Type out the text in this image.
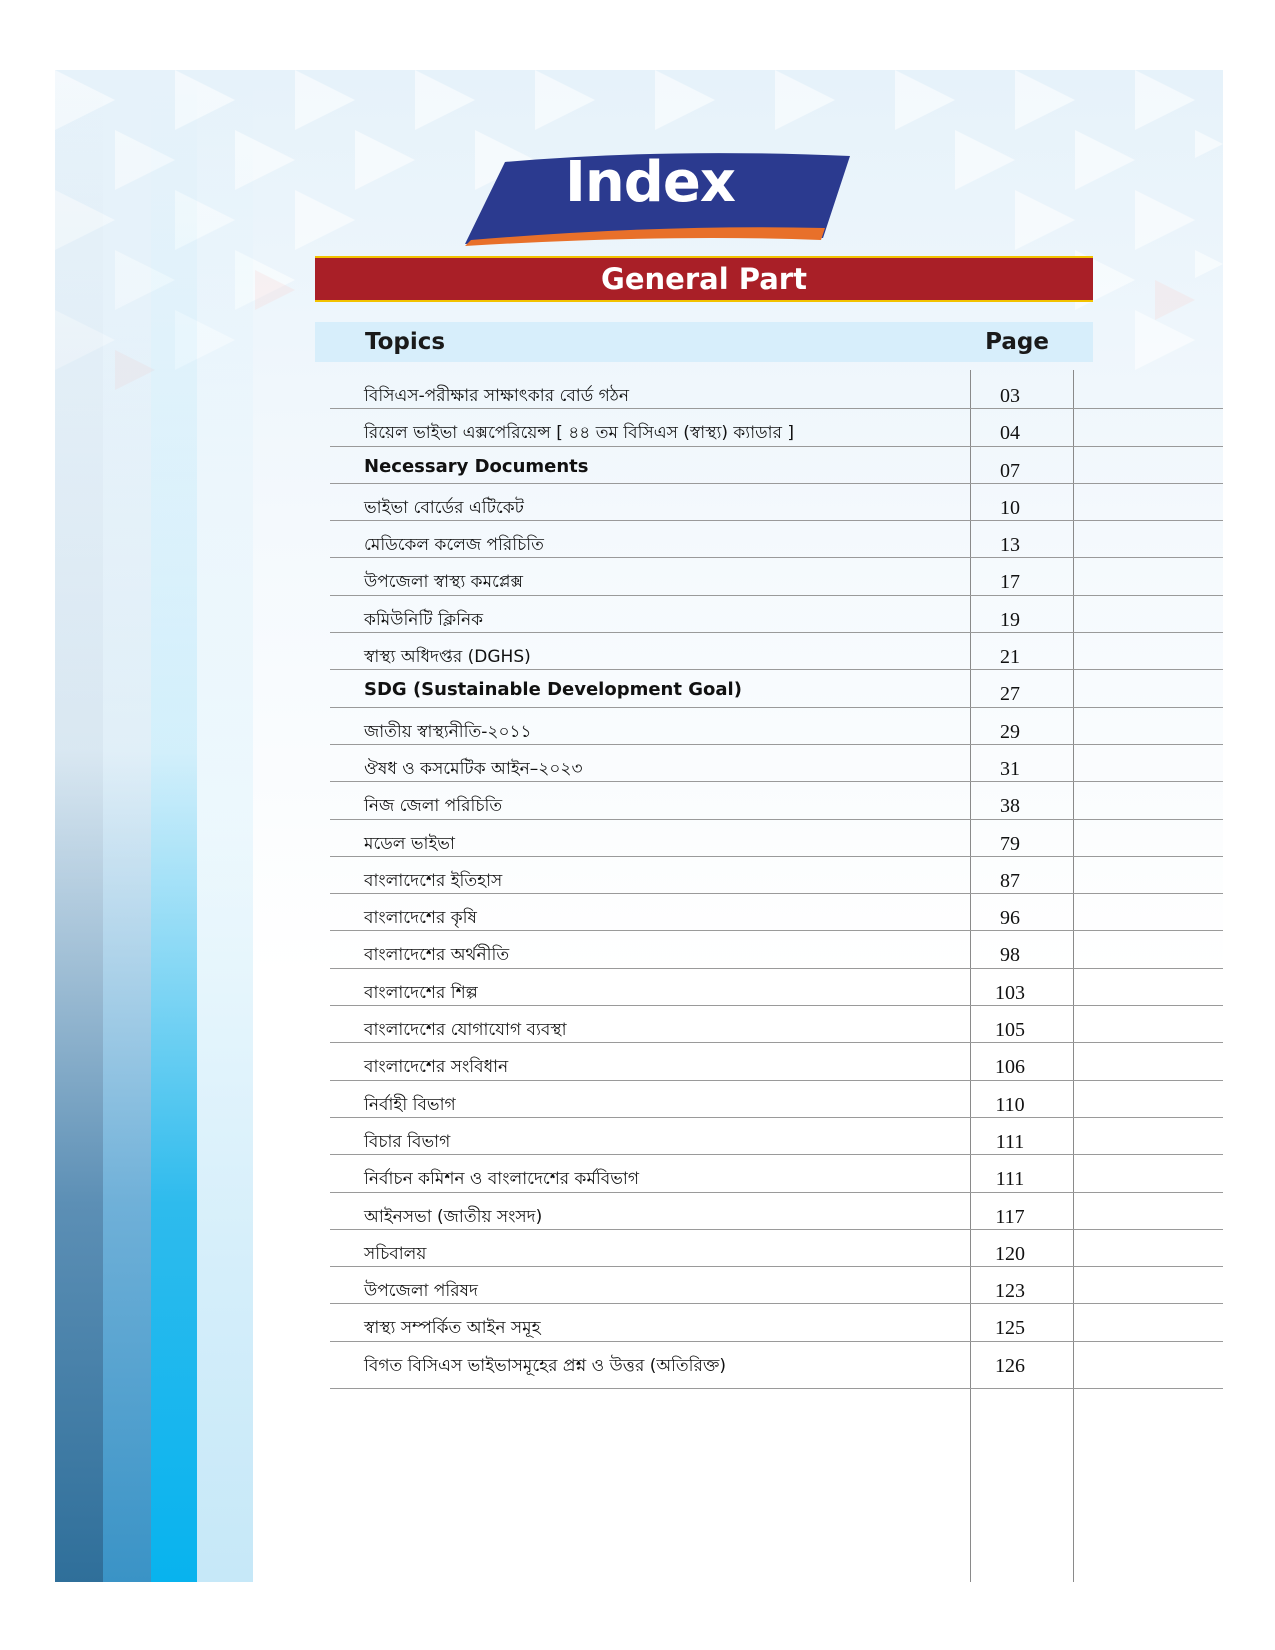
Index
General Part
Topics	Page
বিসিএস-পরীক্ষার সাক্ষাৎকার বোর্ড গঠন	03
রিয়েল ভাইভা এক্সপেরিয়েন্স [ ৪৪ তম বিসিএস (স্বাস্থ্য) ক্যাডার ]	04
Necessary Documents	07
ভাইভা বোর্ডের এটিকেট	10
মেডিকেল কলেজ পরিচিতি	13
উপজেলা স্বাস্থ্য কমপ্লেক্স	17
কমিউনিটি ক্লিনিক	19
স্বাস্থ্য অধিদপ্তর (DGHS)	21
SDG (Sustainable Development Goal)	27
জাতীয় স্বাস্থ্যনীতি-২০১১	29
ঔষধ ও কসমেটিক আইন–২০২৩	31
নিজ জেলা পরিচিতি	38
মডেল ভাইভা	79
বাংলাদেশের ইতিহাস	87
বাংলাদেশের কৃষি	96
বাংলাদেশের অর্থনীতি	98
বাংলাদেশের শিল্প	103
বাংলাদেশের যোগাযোগ ব্যবস্থা	105
বাংলাদেশের সংবিধান	106
নির্বাহী বিভাগ	110
বিচার বিভাগ	111
নির্বাচন কমিশন ও বাংলাদেশের কর্মবিভাগ	111
আইনসভা (জাতীয় সংসদ)	117
সচিবালয়	120
উপজেলা পরিষদ	123
স্বাস্থ্য সম্পর্কিত আইন সমূহ	125
বিগত বিসিএস ভাইভাসমূহের প্রশ্ন ও উত্তর (অতিরিক্ত)	126
